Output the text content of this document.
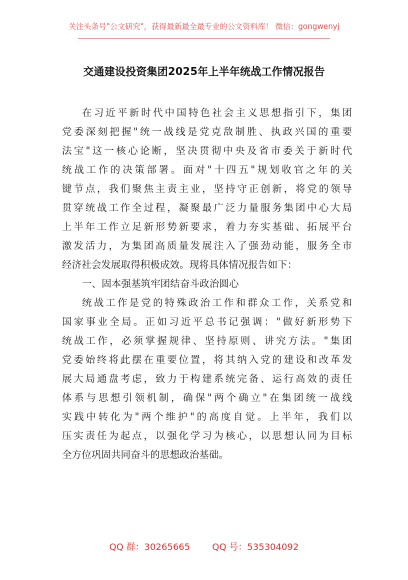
关注头条号"公文研究"，获得最新最全最专业的公文资料库！ 微信：gongwenyj
交通建设投资集团2025年上半年统战工作情况报告
在习近平新时代中国特色社会主义思想指引下，集团
党委深刻把握"统一战线是党克敌制胜、执政兴国的重要
法宝"这一核心论断，坚决贯彻中央及省市委关于新时代
统战工作的决策部署。面对"十四五"规划收官之年的关
键节点，我们聚焦主责主业，坚持守正创新，将党的领导
贯穿统战工作全过程，凝聚最广泛力量服务集团中心大局
上半年工作立足新形势新要求，着力夯实基础、拓展平台
激发活力，为集团高质量发展注入了强劲动能，服务全市
经济社会发展取得积极成效。现将具体情况报告如下：
一、固本强基筑牢团结奋斗政治圆心
统战工作是党的特殊政治工作和群众工作，关系党和
国家事业全局。正如习近平总书记强调："做好新形势下
统战工作，必须掌握规律、坚持原则、讲究方法。"集团
党委始终将此摆在重要位置，将其纳入党的建设和改革发
展大局通盘考虑，致力于构建系统完备、运行高效的责任
体系与思想引领机制，确保"两个确立"在集团统一战线
实践中转化为"两个维护"的高度自觉。上半年，我们以
压实责任为起点，以强化学习为核心，以思想认同为目标
全方位巩固共同奋斗的思想政治基础。
QQ 群：30265665 QQ 号：535304092
